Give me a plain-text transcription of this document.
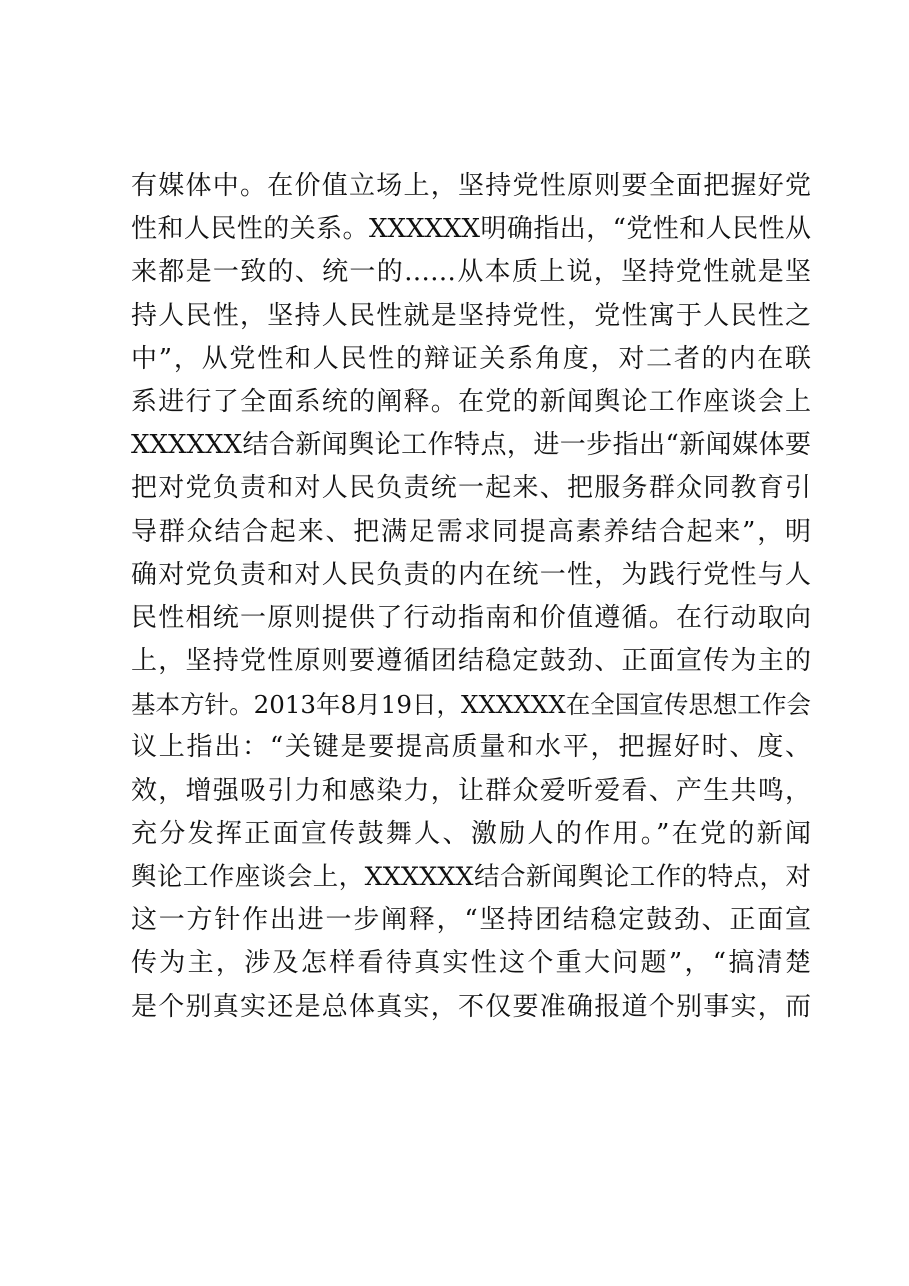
有媒体中。在价值立场上，坚持党性原则要全面把握好党
性和人民性的关系。XXXXXX明确指出，“党性和人民性从
来都是一致的、统一的……从本质上说，坚持党性就是坚
持人民性，坚持人民性就是坚持党性，党性寓于人民性之
中”，从党性和人民性的辩证关系角度，对二者的内在联
系进行了全面系统的阐释。在党的新闻舆论工作座谈会上
XXXXXX结合新闻舆论工作特点，进一步指出“新闻媒体要
把对党负责和对人民负责统一起来、把服务群众同教育引
导群众结合起来、把满足需求同提高素养结合起来”，明
确对党负责和对人民负责的内在统一性，为践行党性与人
民性相统一原则提供了行动指南和价值遵循。在行动取向
上，坚持党性原则要遵循团结稳定鼓劲、正面宣传为主的
基本方针。2013年8月19日，XXXXXX在全国宣传思想工作会
议上指出：“关键是要提高质量和水平，把握好时、度、
效，增强吸引力和感染力，让群众爱听爱看、产生共鸣，
充分发挥正面宣传鼓舞人、激励人的作用。”在党的新闻
舆论工作座谈会上，XXXXXX结合新闻舆论工作的特点，对
这一方针作出进一步阐释，“坚持团结稳定鼓劲、正面宣
传为主，涉及怎样看待真实性这个重大问题”，“搞清楚
是个别真实还是总体真实，不仅要准确报道个别事实，而
